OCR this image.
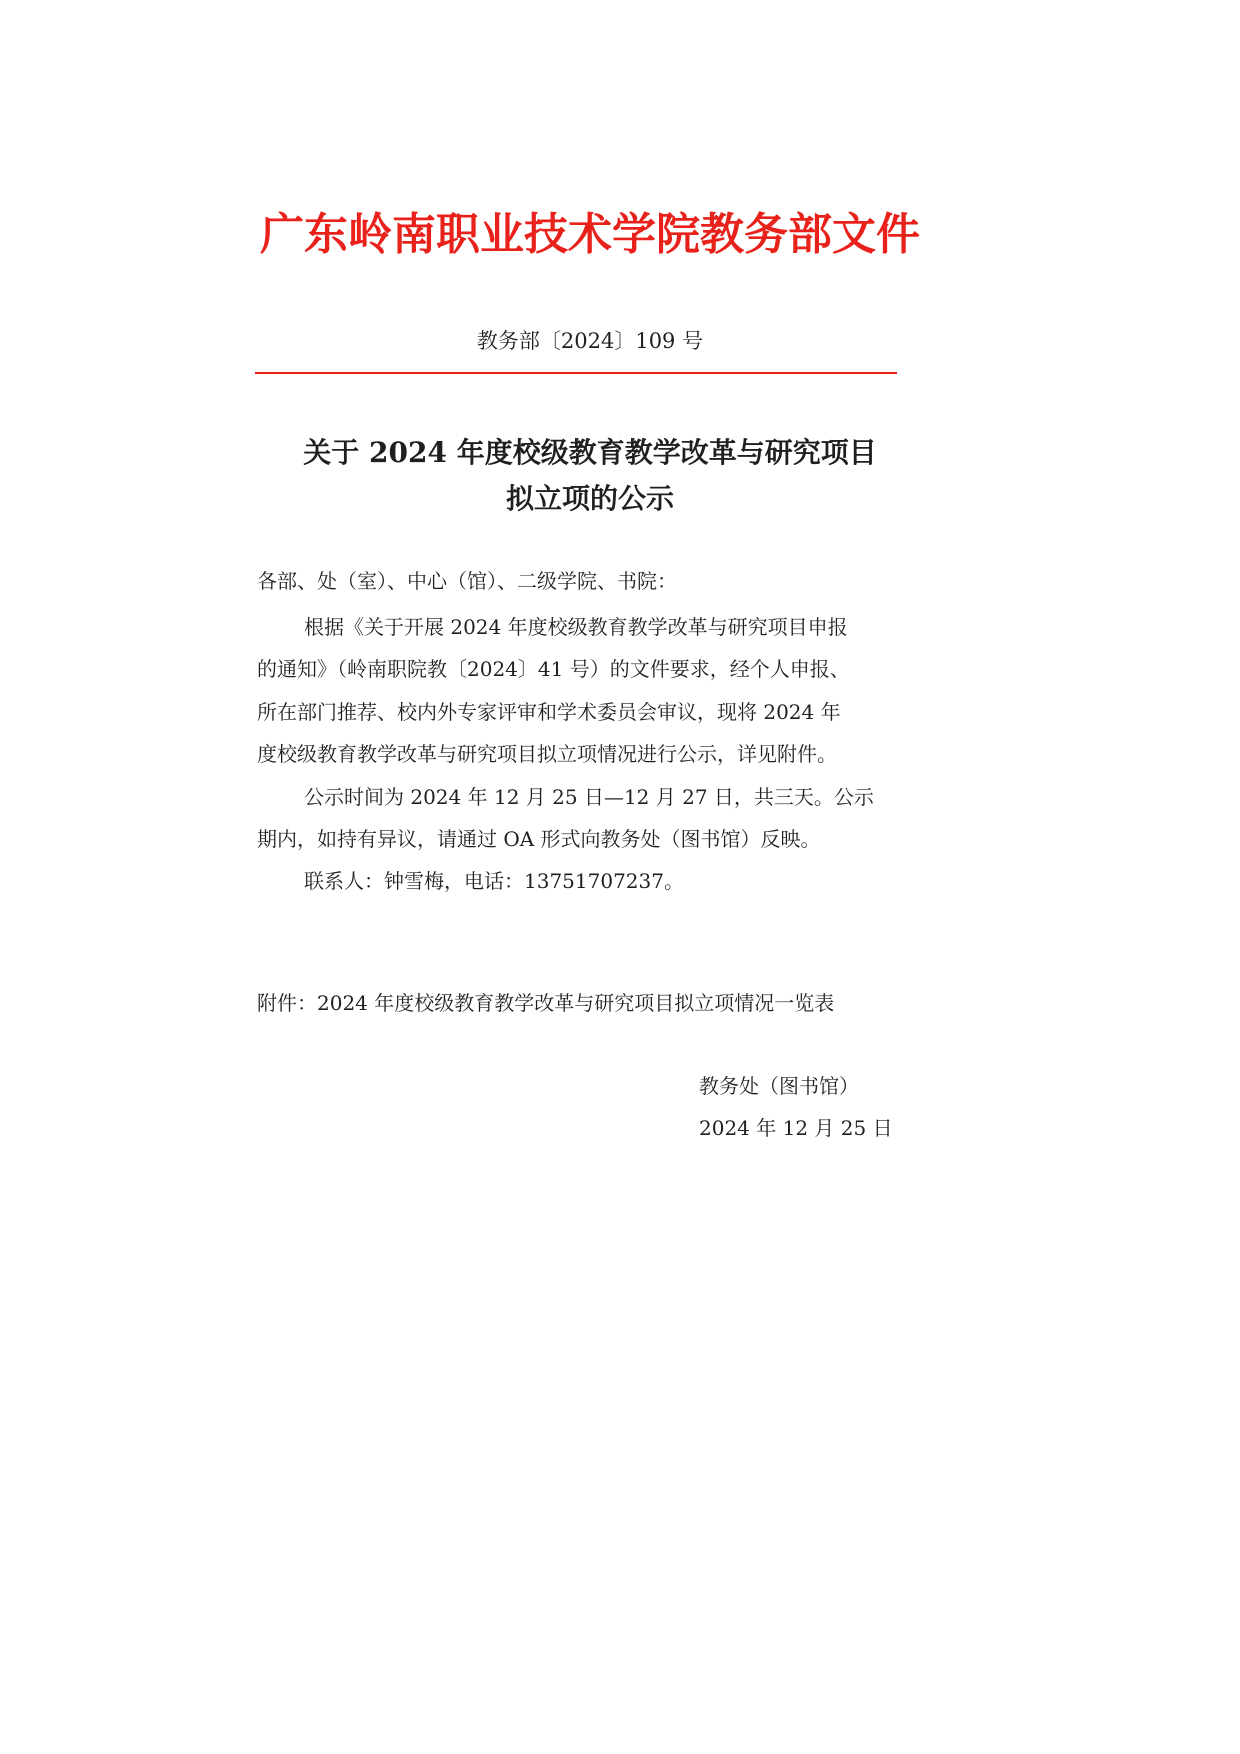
广东岭南职业技术学院教务部文件
教务部〔2024〕109 号
关于 2024 年度校级教育教学改革与研究项目
拟立项的公示
各部、处（室）、中心（馆）、二级学院、书院：
根据《关于开展 2024 年度校级教育教学改革与研究项目申报
的通知》（岭南职院教〔2024〕41 号）的文件要求，经个人申报、
所在部门推荐、校内外专家评审和学术委员会审议，现将 2024 年
度校级教育教学改革与研究项目拟立项情况进行公示，详见附件。
公示时间为 2024 年 12 月 25 日—12 月 27 日，共三天。公示
期内，如持有异议，请通过 OA 形式向教务处（图书馆）反映。
联系人：钟雪梅，电话：13751707237。
附件：2024 年度校级教育教学改革与研究项目拟立项情况一览表
教务处（图书馆）
2024 年 12 月 25 日
